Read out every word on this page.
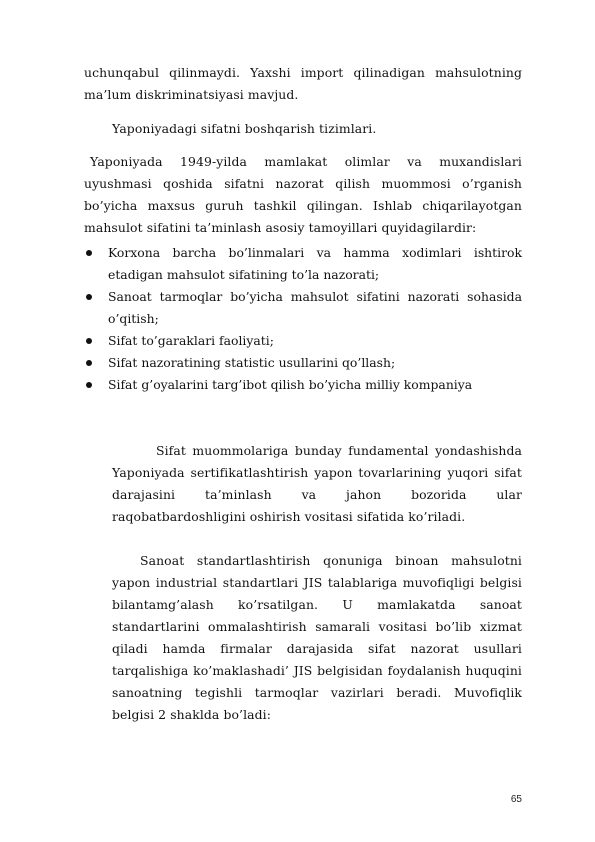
uchunqabul qilinmaydi. Yaxshi import qilinadigan mahsulotning ma’lum diskriminatsiyasi mavjud.

Yaponiyadagi sifatni boshqarish tizimlari.

Yaponiyada 1949-yilda mamlakat olimlar va muxandislari uyushmasi qoshida sifatni nazorat qilish muommosi o’rganish bo’yicha maxsus guruh tashkil qilingan. Ishlab chiqarilayotgan mahsulot sifatini ta’minlash asosiy tamoyillari quyidagilardir:

Korxona barcha bo’linmalari va hamma xodimlari ishtirok etadigan mahsulot sifatining to’la nazorati;
Sanoat tarmoqlar bo’yicha mahsulot sifatini nazorati sohasida o’qitish;
Sifat to’garaklari faoliyati;
Sifat nazoratining statistic usullarini qo’llash;
Sifat g’oyalarini targ’ibot qilish bo’yicha milliy kompaniya

Sifat muommolariga bunday fundamental yondashishda Yaponiyada sertifikatlashtirish yapon tovarlarining yuqori sifat darajasini ta’minlash va jahon bozorida ular raqobatbardoshligini oshirish vositasi sifatida ko’riladi.

Sanoat standartlashtirish qonuniga binoan mahsulotni yapon industrial standartlari JIS talablariga muvofiqligi belgisi bilantamg’alash ko’rsatilgan. U mamlakatda sanoat standartlarini ommalashtirish samarali vositasi bo’lib xizmat qiladi hamda firmalar darajasida sifat nazorat usullari tarqalishiga ko’maklashadi’ JIS belgisidan foydalanish huquqini sanoatning tegishli tarmoqlar vazirlari beradi. Muvofiqlik belgisi 2 shaklda bo’ladi:

65
